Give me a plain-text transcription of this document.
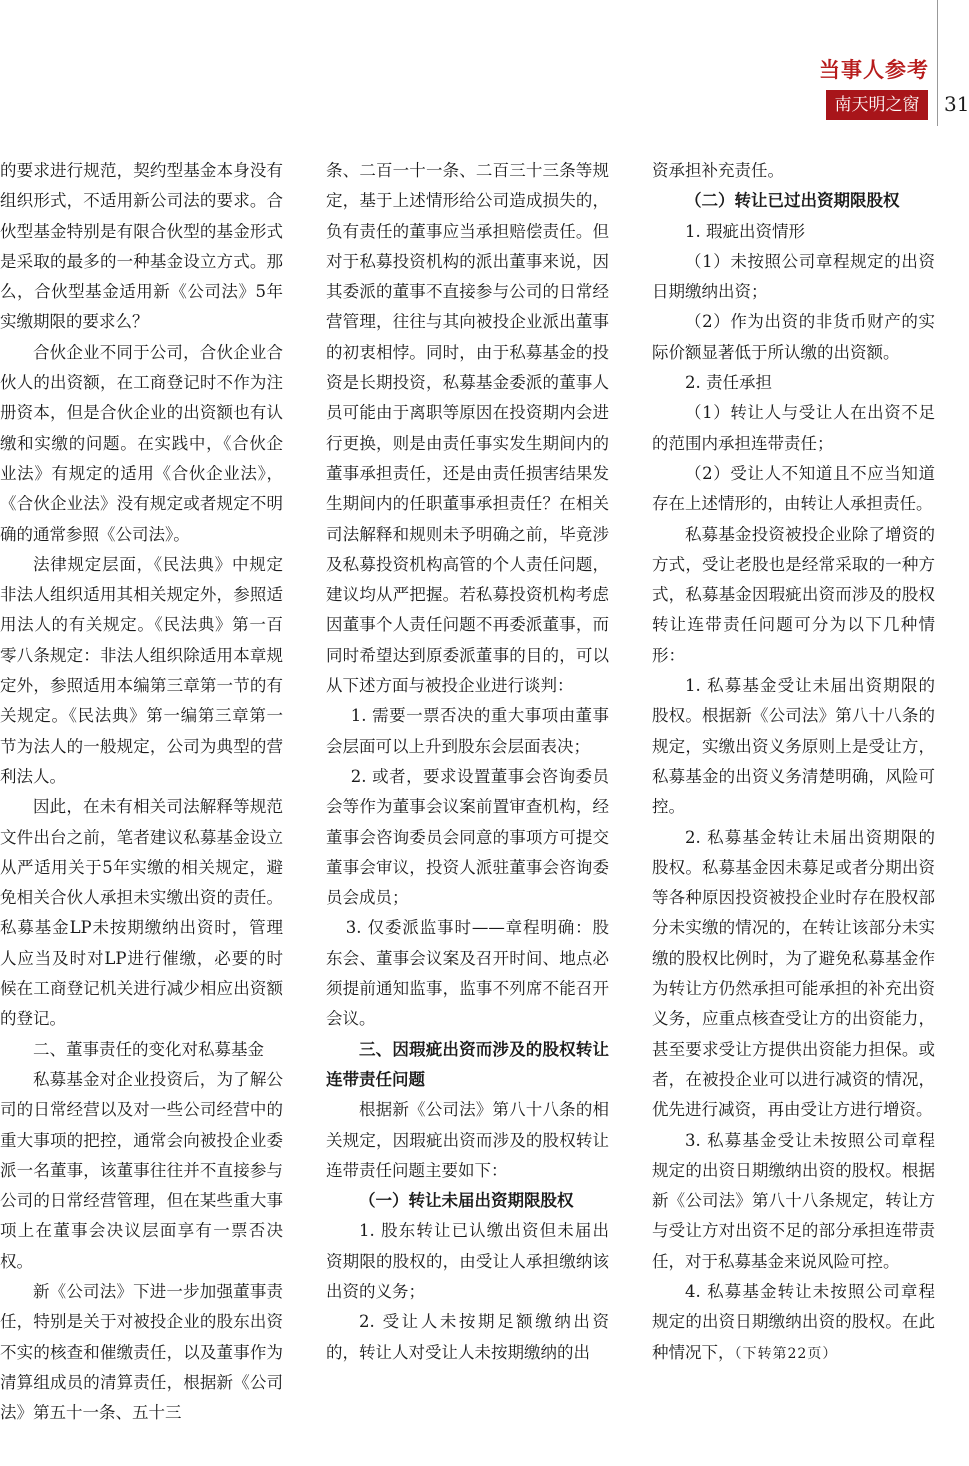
当事人参考
南天明之窗	31

的要求进行规范，契约型基金本身没有组织形式，不适用新公司法的要求。合伙型基金特别是有限合伙型的基金形式是采取的最多的一种基金设立方式。那么，合伙型基金适用新《公司法》5年实缴期限的要求么？

合伙企业不同于公司，合伙企业合伙人的出资额，在工商登记时不作为注册资本，但是合伙企业的出资额也有认缴和实缴的问题。在实践中，《合伙企业法》有规定的适用《合伙企业法》，《合伙企业法》没有规定或者规定不明确的通常参照《公司法》。

法律规定层面，《民法典》中规定非法人组织适用其相关规定外，参照适用法人的有关规定。《民法典》第一百零八条规定：非法人组织除适用本章规定外，参照适用本编第三章第一节的有关规定。《民法典》第一编第三章第一节为法人的一般规定，公司为典型的营利法人。

因此，在未有相关司法解释等规范文件出台之前，笔者建议私募基金设立从严适用关于5年实缴的相关规定，避免相关合伙人承担未实缴出资的责任。私募基金LP未按期缴纳出资时，管理人应当及时对LP进行催缴，必要的时候在工商登记机关进行减少相应出资额的登记。

二、董事责任的变化对私募基金

私募基金对企业投资后，为了解公司的日常经营以及对一些公司经营中的重大事项的把控，通常会向被投企业委派一名董事，该董事往往并不直接参与公司的日常经营管理，但在某些重大事项上在董事会决议层面享有一票否决权。

新《公司法》下进一步加强董事责任，特别是关于对被投企业的股东出资不实的核查和催缴责任，以及董事作为清算组成员的清算责任，根据新《公司法》第五十一条、五十三

条、二百一十一条、二百三十三条等规定，基于上述情形给公司造成损失的，负有责任的董事应当承担赔偿责任。但对于私募投资机构的派出董事来说，因其委派的董事不直接参与公司的日常经营管理，往往与其向被投企业派出董事的初衷相悖。同时，由于私募基金的投资是长期投资，私募基金委派的董事人员可能由于离职等原因在投资期内会进行更换，则是由责任事实发生期间内的董事承担责任，还是由责任损害结果发生期间内的任职董事承担责任？在相关司法解释和规则未予明确之前，毕竟涉及私募投资机构高管的个人责任问题，建议均从严把握。若私募投资机构考虑因董事个人责任问题不再委派董事，而同时希望达到原委派董事的目的，可以从下述方面与被投企业进行谈判：

1. 需要一票否决的重大事项由董事会层面可以上升到股东会层面表决；

2. 或者，要求设置董事会咨询委员会等作为董事会议案前置审查机构，经董事会咨询委员会同意的事项方可提交董事会审议，投资人派驻董事会咨询委员会成员；

3. 仅委派监事时——章程明确：股东会、董事会议案及召开时间、地点必须提前通知监事，监事不列席不能召开会议。

三、因瑕疵出资而涉及的股权转让连带责任问题

根据新《公司法》第八十八条的相关规定，因瑕疵出资而涉及的股权转让连带责任问题主要如下：

（一）转让未届出资期限股权

1. 股东转让已认缴出资但未届出资期限的股权的，由受让人承担缴纳该出资的义务；

2. 受让人未按期足额缴纳出资的，转让人对受让人未按期缴纳的出

资承担补充责任。

（二）转让已过出资期限股权

1. 瑕疵出资情形

（1）未按照公司章程规定的出资日期缴纳出资；

（2）作为出资的非货币财产的实际价额显著低于所认缴的出资额。

2. 责任承担

（1）转让人与受让人在出资不足的范围内承担连带责任；

（2）受让人不知道且不应当知道存在上述情形的，由转让人承担责任。

私募基金投资被投企业除了增资的方式，受让老股也是经常采取的一种方式，私募基金因瑕疵出资而涉及的股权转让连带责任问题可分为以下几种情形：

1. 私募基金受让未届出资期限的股权。根据新《公司法》第八十八条的规定，实缴出资义务原则上是受让方，私募基金的出资义务清楚明确，风险可控。

2. 私募基金转让未届出资期限的股权。私募基金因未募足或者分期出资等各种原因投资被投企业时存在股权部分未实缴的情况的，在转让该部分未实缴的股权比例时，为了避免私募基金作为转让方仍然承担可能承担的补充出资义务，应重点核查受让方的出资能力，甚至要求受让方提供出资能力担保。或者，在被投企业可以进行减资的情况，优先进行减资，再由受让方进行增资。

3. 私募基金受让未按照公司章程规定的出资日期缴纳出资的股权。根据新《公司法》第八十八条规定，转让方与受让方对出资不足的部分承担连带责任，对于私募基金来说风险可控。

4. 私募基金转让未按照公司章程规定的出资日期缴纳出资的股权。在此种情况下，（下转第22页）
